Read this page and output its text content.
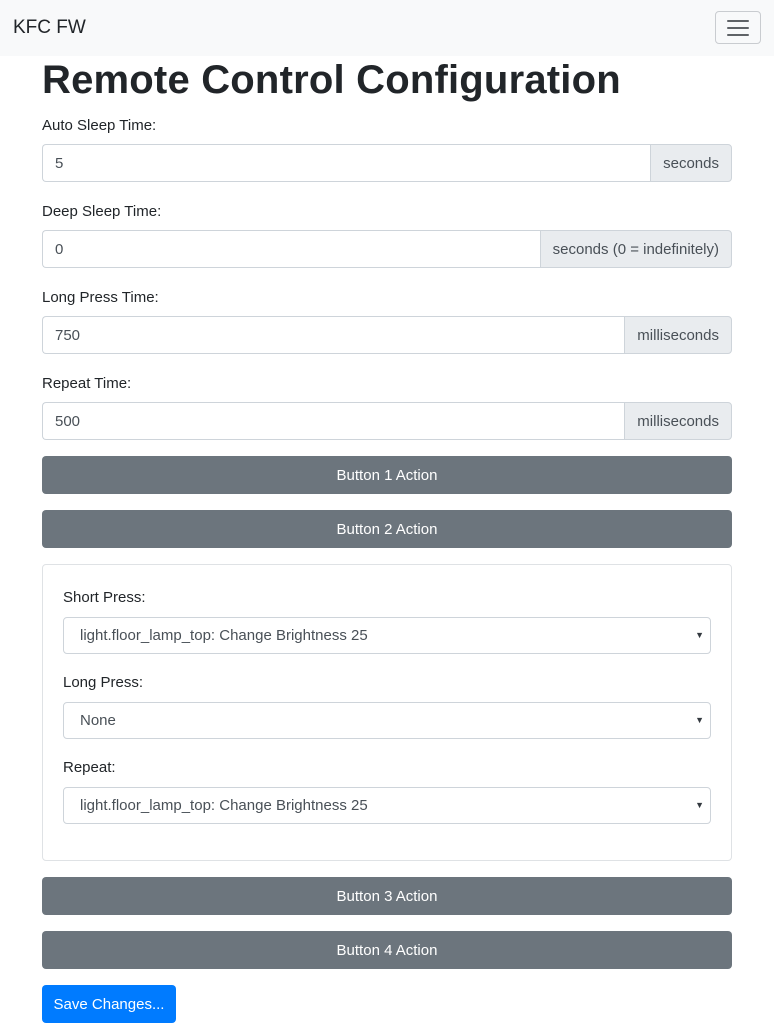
KFC FW
Remote Control Configuration
Auto Sleep Time:
5
seconds
Deep Sleep Time:
0
seconds (0 = indefinitely)
Long Press Time:
750
milliseconds
Repeat Time:
500
milliseconds
Button 1 Action
Button 2 Action
Short Press:
light.floor_lamp_top: Change Brightness 25	▼
Long Press:
None	▼
Repeat:
light.floor_lamp_top: Change Brightness 25	▼
Button 3 Action
Button 4 Action
Save Changes...
